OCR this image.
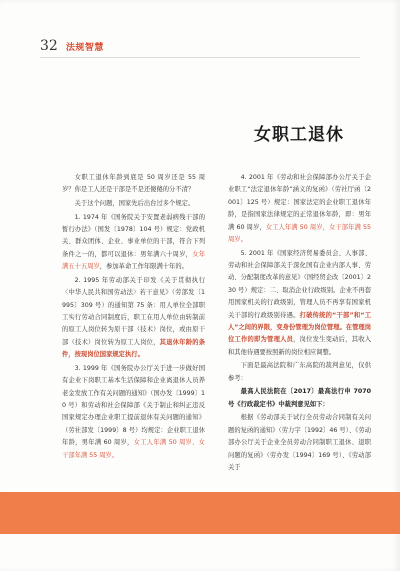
32 法规智慧
女职工退休

女职工退休年龄到底是 50 周岁还是 55 周岁？你是工人还是干部是不是还傻傻的分不清？

关于这个问题，国家先后出台过多个规定。

1. 1974 年《国务院关于安置老弱病残干部的暂行办法》（国发〔1978〕104 号）规定：党政机关、群众团体、企业、事业单位的干部，符合下列条件之一的，都可以退休：男年满六十周岁，女年满五十五周岁，参加革命工作年限满十年的。

2. 1995 年劳动部关于印发《关于贯彻执行〈中华人民共和国劳动法〉若干意见》（劳部发〔1995〕309 号）的通知第 75 条：用人单位全部职工实行劳动合同制度后，职工在用人单位由转制前的原工人岗位转为原干部（技术）岗位，或由原干部（技术）岗位转为原工人岗位，其退休年龄的条件，按现岗位国家规定执行。

3. 1999 年《国务院办公厅关于进一步做好国有企业下岗职工基本生活保障和企业离退休人员养老金发放工作有关问题的通知》（国办发〔1999〕10 号）和劳动和社会保障部《关于制止和纠正违反国家规定办理企业职工提前退休有关问题的通知》（劳社部发〔1999〕8 号）均规定：企业职工退休年龄，男年满 60 周岁，女工人年满 50 周岁、女干部年满 55 周岁。

4. 2001 年《劳动和社会保障部办公厅关于企业职工“法定退休年龄”涵义的复函》（劳社厅函〔2001〕125 号）规定：国家法定的企业职工退休年龄，是指国家法律规定的正常退休年龄，即：男年满 60 周岁，女工人年满 50 周岁，女干部年满 55 周岁。

5. 2001 年《国家经济贸易委员会、人事部、劳动和社会保障部关于深化国有企业内部人事、劳动、分配制度改革的意见》（国经贸企改〔2001〕230 号）规定：二、取消企业行政级别。企业不再套用国家机关的行政级别，管理人员不再享有国家机关干部的行政级别待遇。打破传统的“干部”和“工人”之间的界限，变身份管理为岗位管理。在管理岗位工作的即为管理人员，岗位发生变动后，其收入和其他待遇要按照新的岗位相应调整。

下面是最高法院和广东高院的裁判意见，仅供参考：

最高人民法院在〔2017〕最高法行申 7070 号《行政裁定书》中裁判意见如下：

根据《劳动部关于试行全员劳动合同制有关问题的复函的通知》（劳力字〔1992〕46 号）、《劳动部办公厅关于企业全员劳动合同制职工退休、退职问题的复函》（劳办发〔1994〕169 号）、《劳动部关于
